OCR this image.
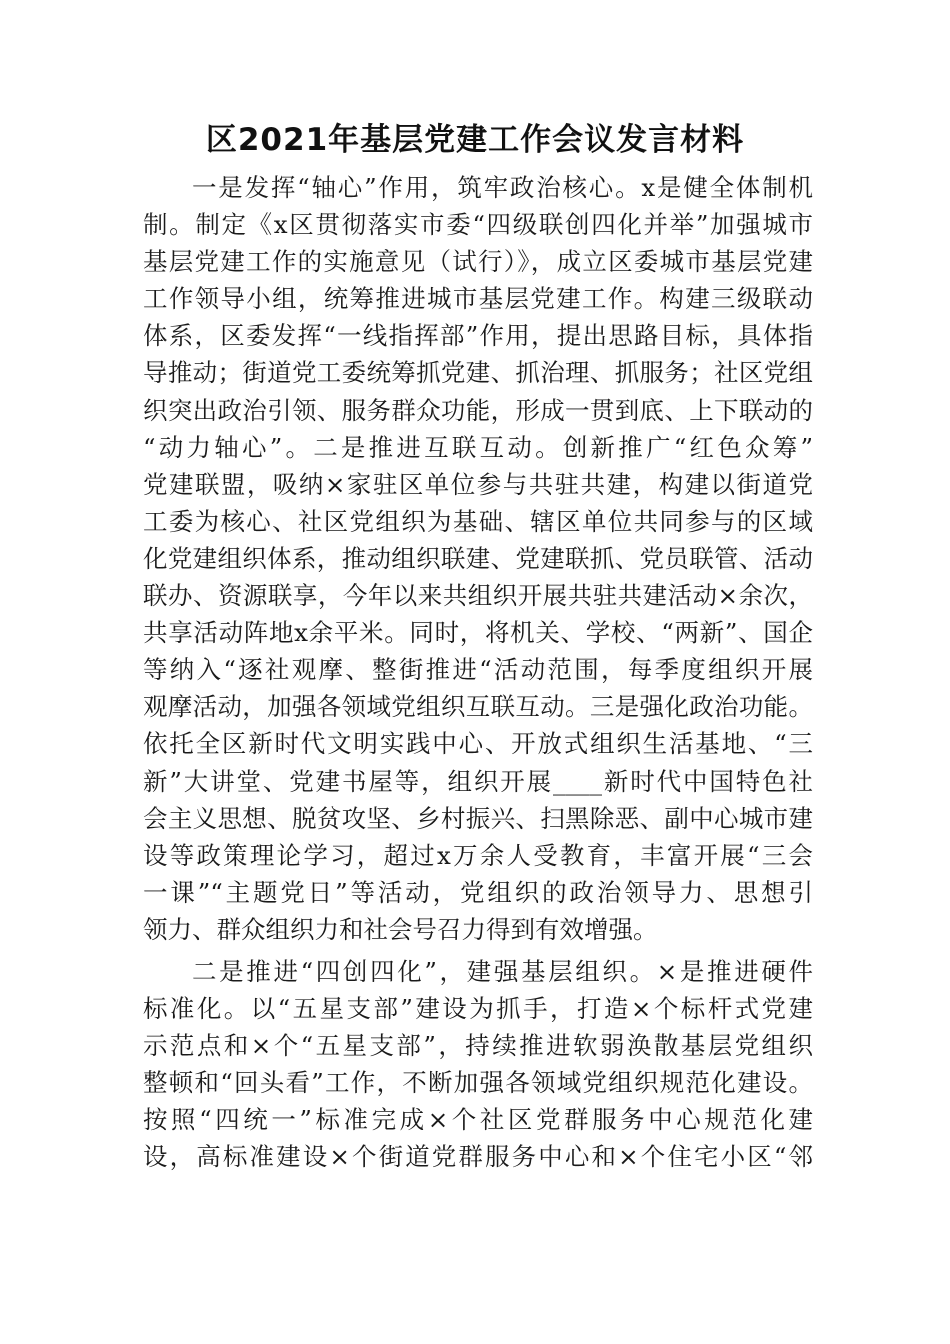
区2021年基层党建工作会议发言材料
一是发挥“轴心”作用，筑牢政治核心。x是健全体制机
制。制定《x区贯彻落实市委“四级联创四化并举”加强城市
基层党建工作的实施意见（试行）》，成立区委城市基层党建
工作领导小组，统筹推进城市基层党建工作。构建三级联动
体系，区委发挥“一线指挥部”作用，提出思路目标，具体指
导推动；街道党工委统筹抓党建、抓治理、抓服务；社区党组
织突出政治引领、服务群众功能，形成一贯到底、上下联动的
“动力轴心”。二是推进互联互动。创新推广“红色众筹”
党建联盟，吸纳×家驻区单位参与共驻共建，构建以街道党
工委为核心、社区党组织为基础、辖区单位共同参与的区域
化党建组织体系，推动组织联建、党建联抓、党员联管、活动
联办、资源联享，今年以来共组织开展共驻共建活动×余次，
共享活动阵地x余平米。同时，将机关、学校、“两新”、国企
等纳入“逐社观摩、整街推进“活动范围，每季度组织开展
观摩活动，加强各领域党组织互联互动。三是强化政治功能。
依托全区新时代文明实践中心、开放式组织生活基地、“三
新”大讲堂、党建书屋等，组织开展____新时代中国特色社
会主义思想、脱贫攻坚、乡村振兴、扫黑除恶、副中心城市建
设等政策理论学习，超过x万余人受教育，丰富开展“三会
一课”“主题党日”等活动，党组织的政治领导力、思想引
领力、群众组织力和社会号召力得到有效增强。
二是推进“四创四化”，建强基层组织。×是推进硬件
标准化。以“五星支部”建设为抓手，打造×个标杆式党建
示范点和×个“五星支部”，持续推进软弱涣散基层党组织
整顿和“回头看”工作，不断加强各领域党组织规范化建设。
按照“四统一”标准完成×个社区党群服务中心规范化建
设，高标准建设×个街道党群服务中心和×个住宅小区“邻
